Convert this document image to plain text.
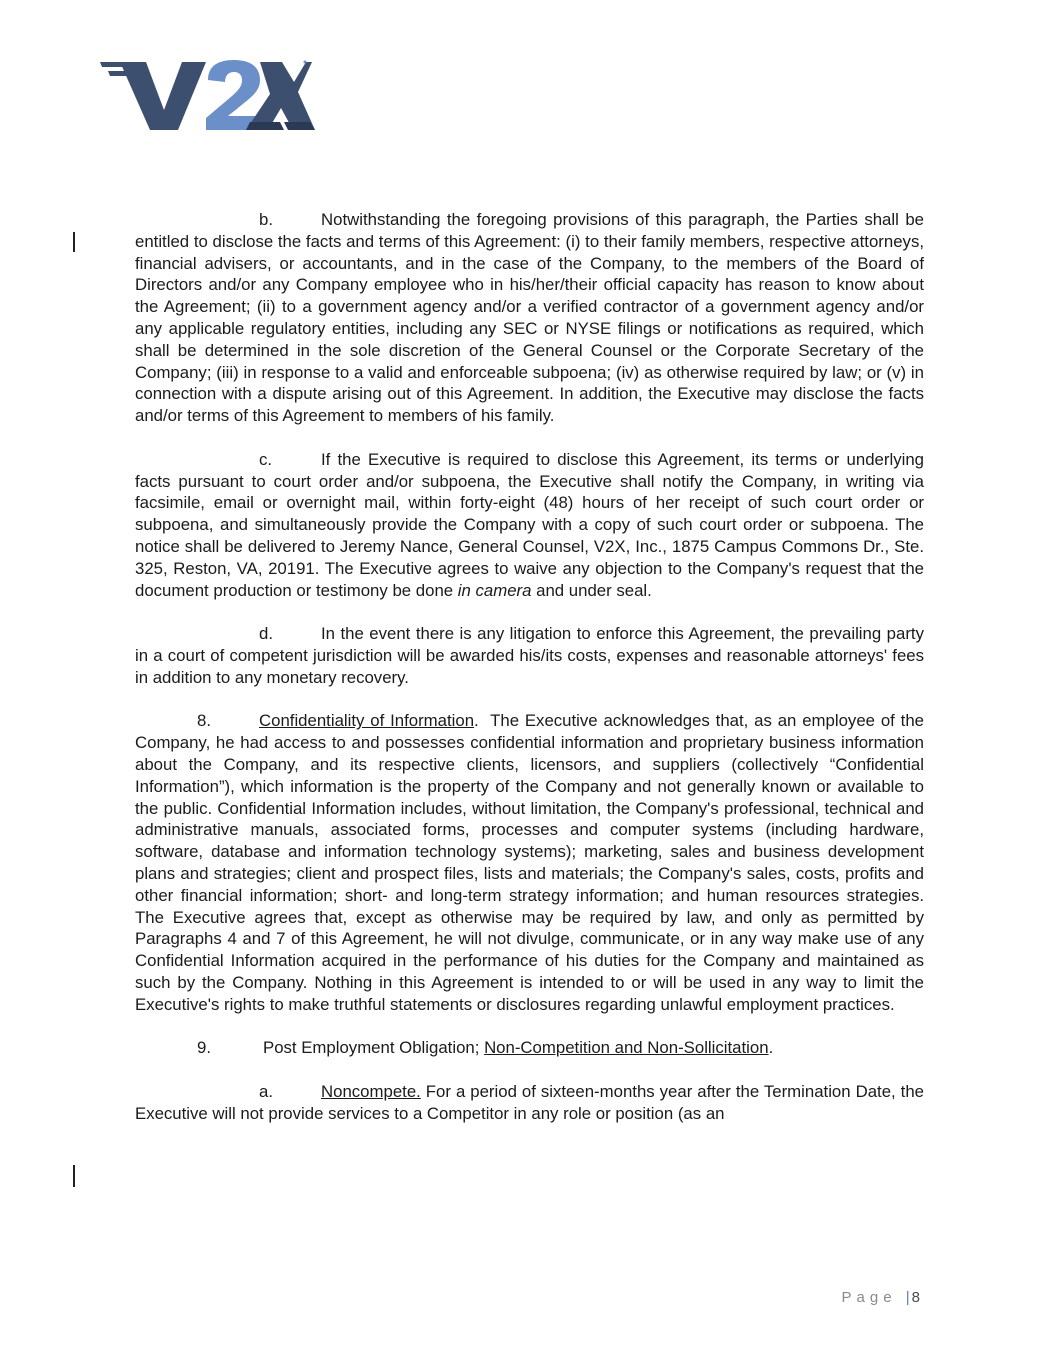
b.	Notwithstanding the foregoing provisions of this paragraph, the Parties shall be entitled to disclose the facts and terms of this Agreement: (i) to their family members, respective attorneys, financial advisers, or accountants, and in the case of the Company, to the members of the Board of Directors and/or any Company employee who in his/her/their official capacity has reason to know about the Agreement; (ii) to a government agency and/or a verified contractor of a government agency and/or any applicable regulatory entities, including any SEC or NYSE filings or notifications as required, which shall be determined in the sole discretion of the General Counsel or the Corporate Secretary of the Company; (iii) in response to a valid and enforceable subpoena; (iv) as otherwise required by law; or (v) in connection with a dispute arising out of this Agreement. In addition, the Executive may disclose the facts and/or terms of this Agreement to members of his family.

c.	If the Executive is required to disclose this Agreement, its terms or underlying facts pursuant to court order and/or subpoena, the Executive shall notify the Company, in writing via facsimile, email or overnight mail, within forty-eight (48) hours of her receipt of such court order or subpoena, and simultaneously provide the Company with a copy of such court order or subpoena. The notice shall be delivered to Jeremy Nance, General Counsel, V2X, Inc., 1875 Campus Commons Dr., Ste. 325, Reston, VA, 20191. The Executive agrees to waive any objection to the Company's request that the document production or testimony be done in camera and under seal.

d.	In the event there is any litigation to enforce this Agreement, the prevailing party in a court of competent jurisdiction will be awarded his/its costs, expenses and reasonable attorneys' fees in addition to any monetary recovery.

8.	Confidentiality of Information. The Executive acknowledges that, as an employee of the Company, he had access to and possesses confidential information and proprietary business information about the Company, and its respective clients, licensors, and suppliers (collectively “Confidential Information”), which information is the property of the Company and not generally known or available to the public. Confidential Information includes, without limitation, the Company's professional, technical and administrative manuals, associated forms, processes and computer systems (including hardware, software, database and information technology systems); marketing, sales and business development plans and strategies; client and prospect files, lists and materials; the Company's sales, costs, profits and other financial information; short- and long-term strategy information; and human resources strategies. The Executive agrees that, except as otherwise may be required by law, and only as permitted by Paragraphs 4 and 7 of this Agreement, he will not divulge, communicate, or in any way make use of any Confidential Information acquired in the performance of his duties for the Company and maintained as such by the Company. Nothing in this Agreement is intended to or will be used in any way to limit the Executive's rights to make truthful statements or disclosures regarding unlawful employment practices.

9.	Post Employment Obligation; Non-Competition and Non-Sollicitation.

a.	Noncompete. For a period of sixteen-months year after the Termination Date, the Executive will not provide services to a Competitor in any role or position (as an

Page | 8
